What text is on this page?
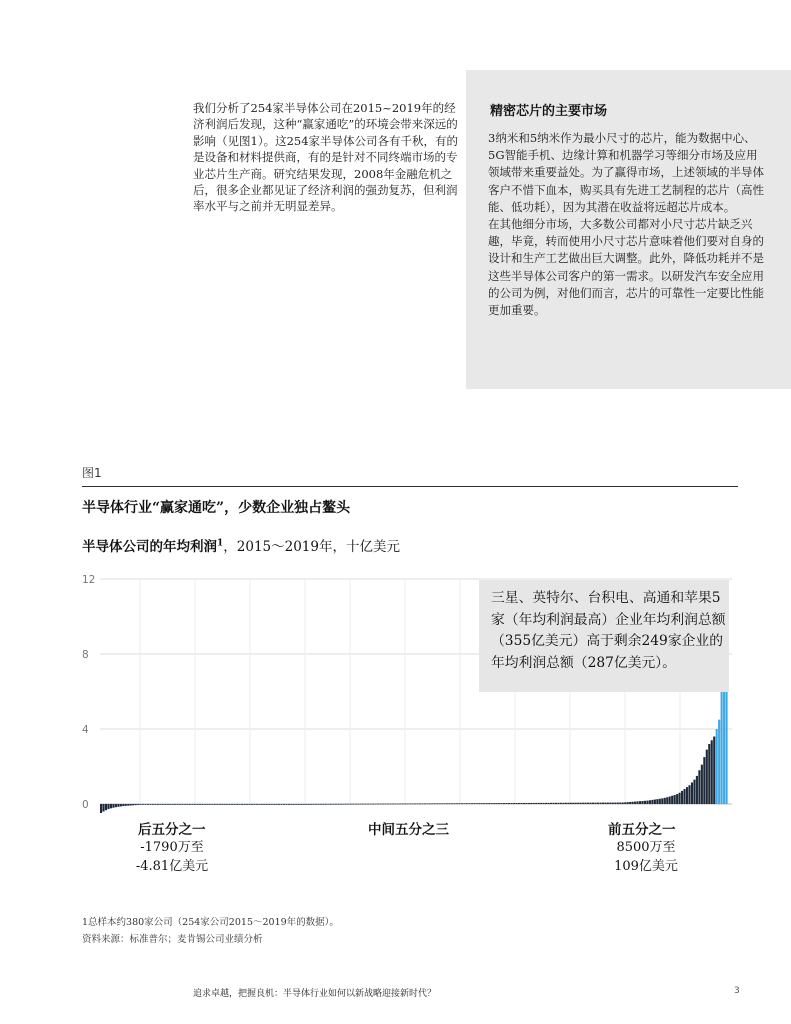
我们分析了254家半导体公司在2015~2019年的经济利润后发现，这种“赢家通吃”的环境会带来深远的影响（见图1）。这254家半导体公司各有千秋，有的是设备和材料提供商，有的是针对不同终端市场的专业芯片生产商。研究结果发现，2008年金融危机之后，很多企业都见证了经济利润的强劲复苏，但利润率水平与之前并无明显差异。
精密芯片的主要市场

3纳米和5纳米作为最小尺寸的芯片，能为数据中心、5G智能手机、边缘计算和机器学习等细分市场及应用领域带来重要益处。为了赢得市场，上述领域的半导体客户不惜下血本，购买具有先进工艺制程的芯片（高性能、低功耗），因为其潜在收益将远超芯片成本。

在其他细分市场，大多数公司都对小尺寸芯片缺乏兴趣，毕竟，转而使用小尺寸芯片意味着他们要对自身的设计和生产工艺做出巨大调整。此外，降低功耗并不是这些半导体公司客户的第一需求。以研发汽车安全应用的公司为例，对他们而言，芯片的可靠性一定要比性能更加重要。

图1
半导体行业“赢家通吃”，少数企业独占鳌头
半导体公司的年均利润$^1$，2015～2019年，十亿美元
0
4
8
12
三星、英特尔、台积电、高通和苹果5家（年均利润最高）企业年均利润总额（355亿美元）高于剩余249家企业的年均利润总额（287亿美元）。
后五分之一
-1790万至
-4.81亿美元
中间五分之三	前五分之一
8500万至
109亿美元
1总样本约380家公司（254家公司2015～2019年的数据）。
资料来源：标准普尔；麦肯锡公司业绩分析
追求卓越，把握良机：半导体行业如何以新战略迎接新时代？	3
